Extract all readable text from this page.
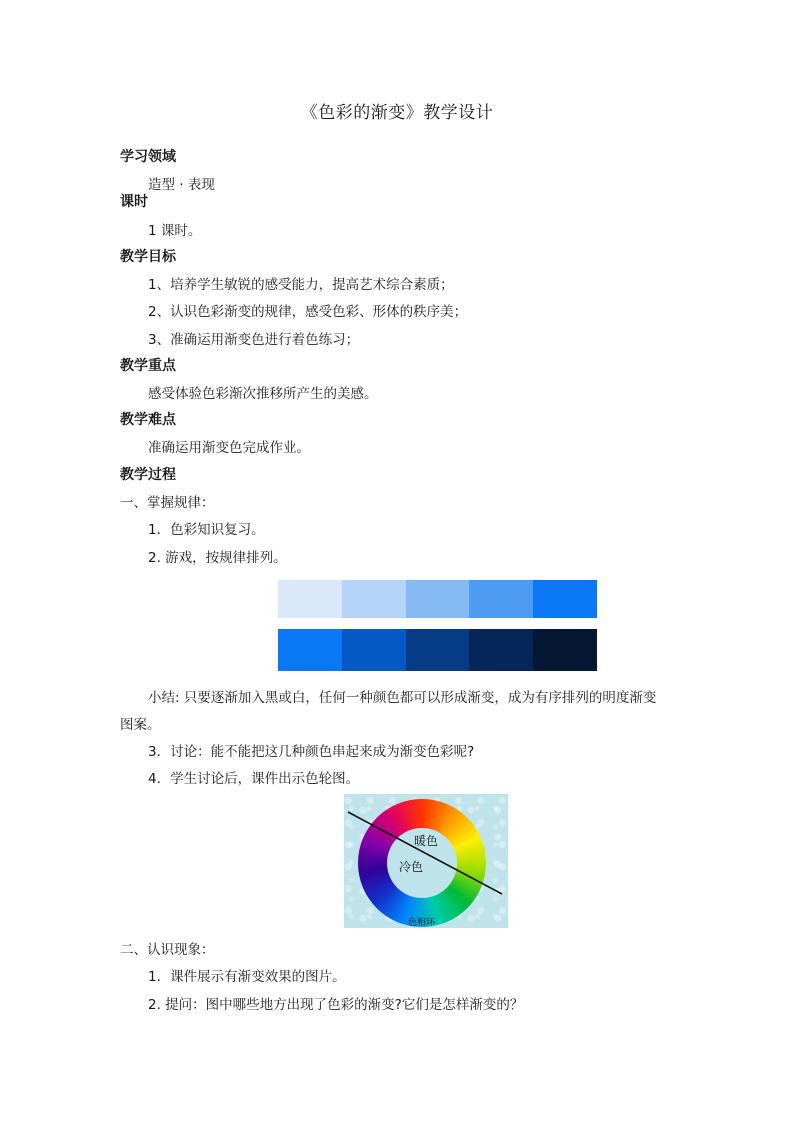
《色彩的渐变》教学设计
学习领域
造型 · 表现
课时
1 课时。
教学目标
1、培养学生敏锐的感受能力，提高艺术综合素质；
2、认识色彩渐变的规律，感受色彩、形体的秩序美；
3、准确运用渐变色进行着色练习；
教学重点
感受体验色彩渐次推移所产生的美感。
教学难点
准确运用渐变色完成作业。
教学过程
一、掌握规律：
1．色彩知识复习。
2. 游戏，按规律排列。
小结: 只要逐渐加入黑或白，任何一种颜色都可以形成渐变，成为有序排列的明度渐变
图案。
3．讨论：能不能把这几种颜色串起来成为渐变色彩呢?
4．学生讨论后，课件出示色轮图。
暖色
冷色
色相环
二、认识现象：
1．课件展示有渐变效果的图片。
2. 提问：图中哪些地方出现了色彩的渐变?它们是怎样渐变的？
